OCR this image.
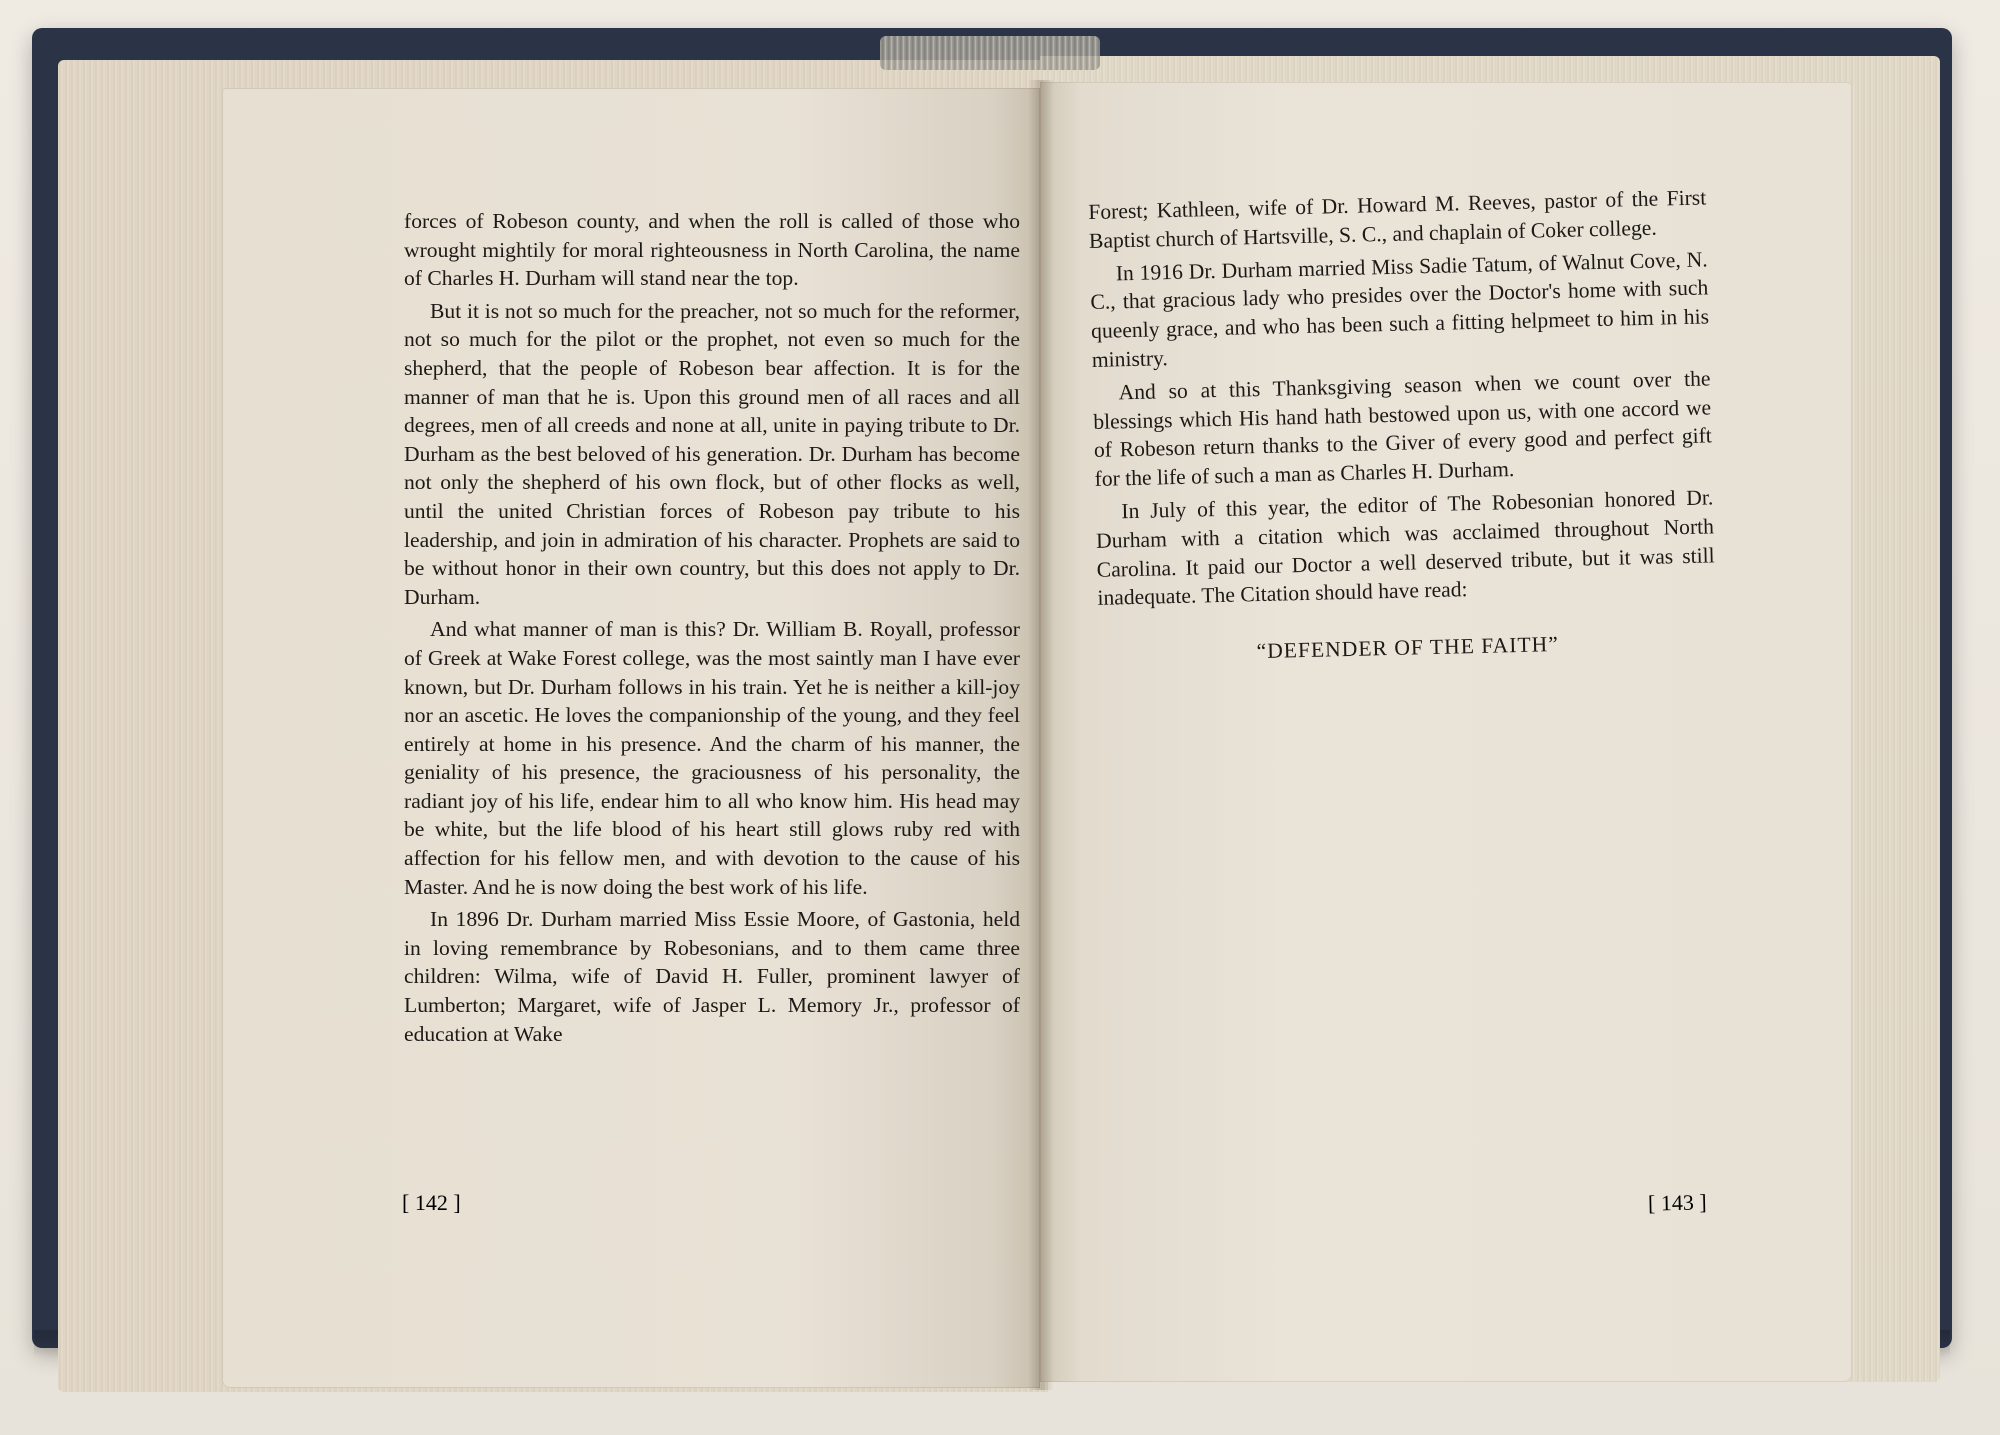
forces of Robeson county, and when the roll is called of those who wrought mightily for moral righteousness in North Carolina, the name of Charles H. Durham will stand near the top.

But it is not so much for the preacher, not so much for the reformer, not so much for the pilot or the prophet, not even so much for the shepherd, that the people of Robeson bear affection. It is for the manner of man that he is. Upon this ground men of all races and all degrees, men of all creeds and none at all, unite in paying tribute to Dr. Durham as the best beloved of his generation. Dr. Durham has become not only the shepherd of his own flock, but of other flocks as well, until the united Christian forces of Robeson pay tribute to his leadership, and join in admiration of his character. Prophets are said to be without honor in their own country, but this does not apply to Dr. Durham.

And what manner of man is this? Dr. William B. Royall, professor of Greek at Wake Forest college, was the most saintly man I have ever known, but Dr. Durham follows in his train. Yet he is neither a kill-joy nor an ascetic. He loves the companionship of the young, and they feel entirely at home in his presence. And the charm of his manner, the geniality of his presence, the graciousness of his personality, the radiant joy of his life, endear him to all who know him. His head may be white, but the life blood of his heart still glows ruby red with affection for his fellow men, and with devotion to the cause of his Master. And he is now doing the best work of his life.

In 1896 Dr. Durham married Miss Essie Moore, of Gastonia, held in loving remembrance by Robesonians, and to them came three children: Wilma, wife of David H. Fuller, prominent lawyer of Lumberton; Margaret, wife of Jasper L. Memory Jr., professor of education at Wake

[ 142 ]

Forest; Kathleen, wife of Dr. Howard M. Reeves, pastor of the First Baptist church of Hartsville, S. C., and chaplain of Coker college.

In 1916 Dr. Durham married Miss Sadie Tatum, of Walnut Cove, N. C., that gracious lady who presides over the Doctor's home with such queenly grace, and who has been such a fitting helpmeet to him in his ministry.

And so at this Thanksgiving season when we count over the blessings which His hand hath bestowed upon us, with one accord we of Robeson return thanks to the Giver of every good and perfect gift for the life of such a man as Charles H. Durham.

In July of this year, the editor of The Robesonian honored Dr. Durham with a citation which was acclaimed throughout North Carolina. It paid our Doctor a well deserved tribute, but it was still inadequate. The Citation should have read:

“DEFENDER OF THE FAITH”

[ 143 ]
